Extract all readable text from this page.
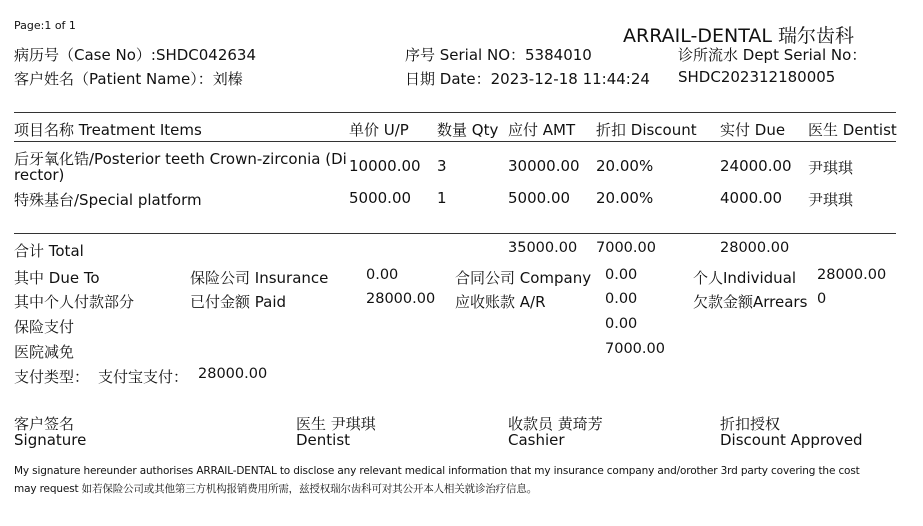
Page:1 of 1	ARRAIL-DENTAL 瑞尔齿科
病历号（Case No）:SHDC042634	序号 Serial NO：5384010	诊所流水 Dept Serial No：
客户姓名（Patient Name）：刘榛	日期 Date：2023-12-18 11:44:24 SHDC202312180005
项目名称 Treatment Items	单价 U/P 数量 Qty 应付 AMT 折扣 Discount 实付 Due 医生 Dentist
后牙氧化锆/Posterior teeth Crown-zirconia (Di
rector)	10000.00 3	30000.00 20.00%	24000.00 尹琪琪
特殊基台/Special platform	5000.00 1	5000.00 20.00%	4000.00 尹琪琪
合计 Total	35000.00 7000.00	28000.00
其中 Due To	保险公司 Insurance	0.00	合同公司 Company 0.00	个人Individual 28000.00
其中个人付款部分	已付金额 Paid	28000.00 应收账款 A/R	0.00	欠款金额Arrears 0
保险支付	0.00
医院减免	7000.00
支付类型： 支付宝支付： 28000.00
客户签名
Signature
医生 尹琪琪
Dentist
收款员 黄琦芳
Cashier
折扣授权
Discount Approved
My signature hereunder authorises ARRAIL-DENTAL to disclose any relevant medical information that my insurance company and/orother 3rd party covering the cost
may request 如若保险公司或其他第三方机构报销费用所需，兹授权瑞尔齿科可对其公开本人相关就诊治疗信息。
